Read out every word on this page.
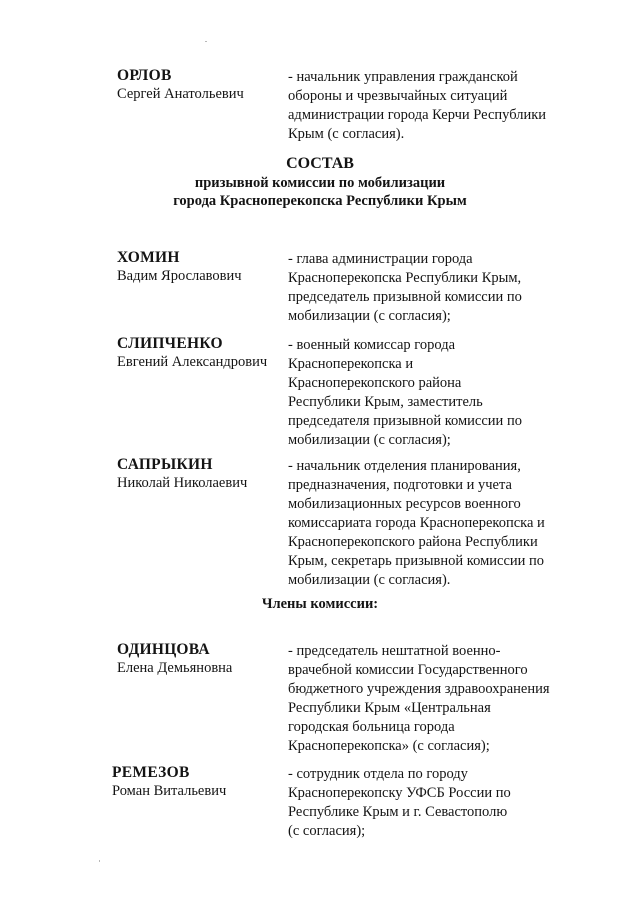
ОРЛОВ
Сергей Анатольевич
- начальник управления гражданской
обороны и чрезвычайных ситуаций
администрации города Керчи Республики
Крым (с согласия).
СОСТАВ
призывной комиссии по мобилизации
города Красноперекопска Республики Крым
ХОМИН
Вадим Ярославович
- глава администрации города
Красноперекопска Республики Крым,
председатель призывной комиссии по
мобилизации (с согласия);
СЛИПЧЕНКО
Евгений Александрович
- военный комиссар города
Красноперекопска и
Красноперекопского района
Республики Крым, заместитель
председателя призывной комиссии по
мобилизации (с согласия);
САПРЫКИН
Николай Николаевич
- начальник отделения планирования,
предназначения, подготовки и учета
мобилизационных ресурсов военного
комиссариата города Красноперекопска и
Красноперекопского района Республики
Крым, секретарь призывной комиссии по
мобилизации (с согласия).
Члены комиссии:
ОДИНЦОВА
Елена Демьяновна
- председатель нештатной военно-
врачебной комиссии Государственного
бюджетного учреждения здравоохранения
Республики Крым «Центральная
городская больница города
Красноперекопска» (с согласия);
РЕМЕЗОВ
Роман Витальевич
- сотрудник отдела по городу
Красноперекопску УФСБ России по
Республике Крым и г. Севастополю
(с согласия);
